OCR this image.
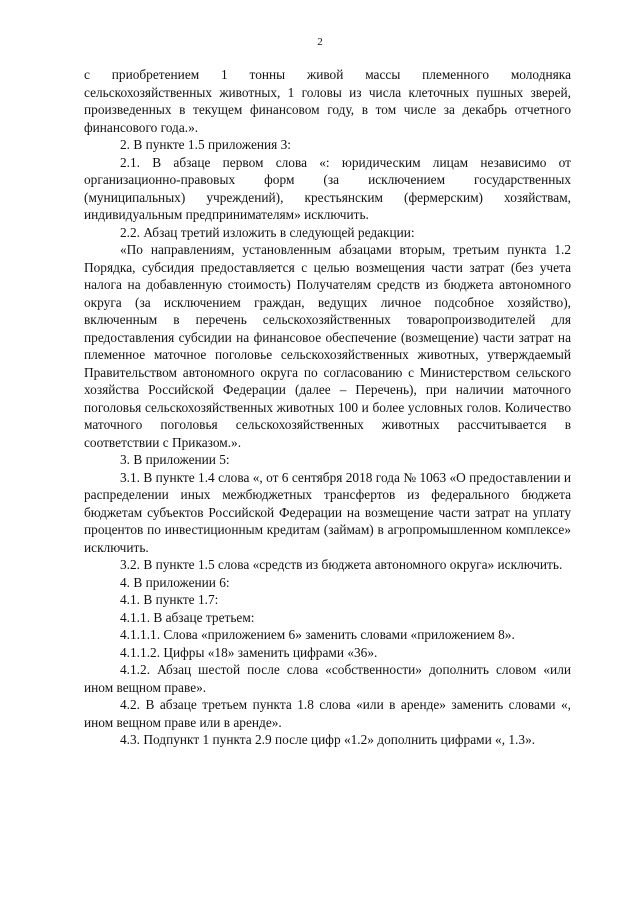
2

с приобретением 1 тонны живой массы племенного молодняка сельскохозяйственных животных, 1 головы из числа клеточных пушных зверей, произведенных в текущем финансовом году, в том числе за декабрь отчетного финансового года.».

2. В пункте 1.5 приложения 3:

2.1. В абзаце первом слова «: юридическим лицам независимо от организационно-правовых форм (за исключением государственных (муниципальных) учреждений), крестьянским (фермерским) хозяйствам, индивидуальным предпринимателям» исключить.

2.2. Абзац третий изложить в следующей редакции:

«По направлениям, установленным абзацами вторым, третьим пункта 1.2 Порядка, субсидия предоставляется с целью возмещения части затрат (без учета налога на добавленную стоимость) Получателям средств из бюджета автономного округа (за исключением граждан, ведущих личное подсобное хозяйство), включенным в перечень сельскохозяйственных товаропроизводителей для предоставления субсидии на финансовое обеспечение (возмещение) части затрат на племенное маточное поголовье сельскохозяйственных животных, утверждаемый Правительством автономного округа по согласованию с Министерством сельского хозяйства Российской Федерации (далее – Перечень), при наличии маточного поголовья сельскохозяйственных животных 100 и более условных голов. Количество маточного поголовья сельскохозяйственных животных рассчитывается в соответствии с Приказом.».

3. В приложении 5:

3.1. В пункте 1.4 слова «, от 6 сентября 2018 года № 1063 «О предоставлении и распределении иных межбюджетных трансфертов из федерального бюджета бюджетам субъектов Российской Федерации на возмещение части затрат на уплату процентов по инвестиционным кредитам (займам) в агропромышленном комплексе» исключить.

3.2. В пункте 1.5 слова «средств из бюджета автономного округа» исключить.

4. В приложении 6:

4.1. В пункте 1.7:

4.1.1. В абзаце третьем:

4.1.1.1. Слова «приложением 6» заменить словами «приложением 8».

4.1.1.2. Цифры «18» заменить цифрами «36».

4.1.2. Абзац шестой после слова «собственности» дополнить словом «или ином вещном праве».

4.2. В абзаце третьем пункта 1.8 слова «или в аренде» заменить словами «, ином вещном праве или в аренде».

4.3. Подпункт 1 пункта 2.9 после цифр «1.2» дополнить цифрами «, 1.3».
